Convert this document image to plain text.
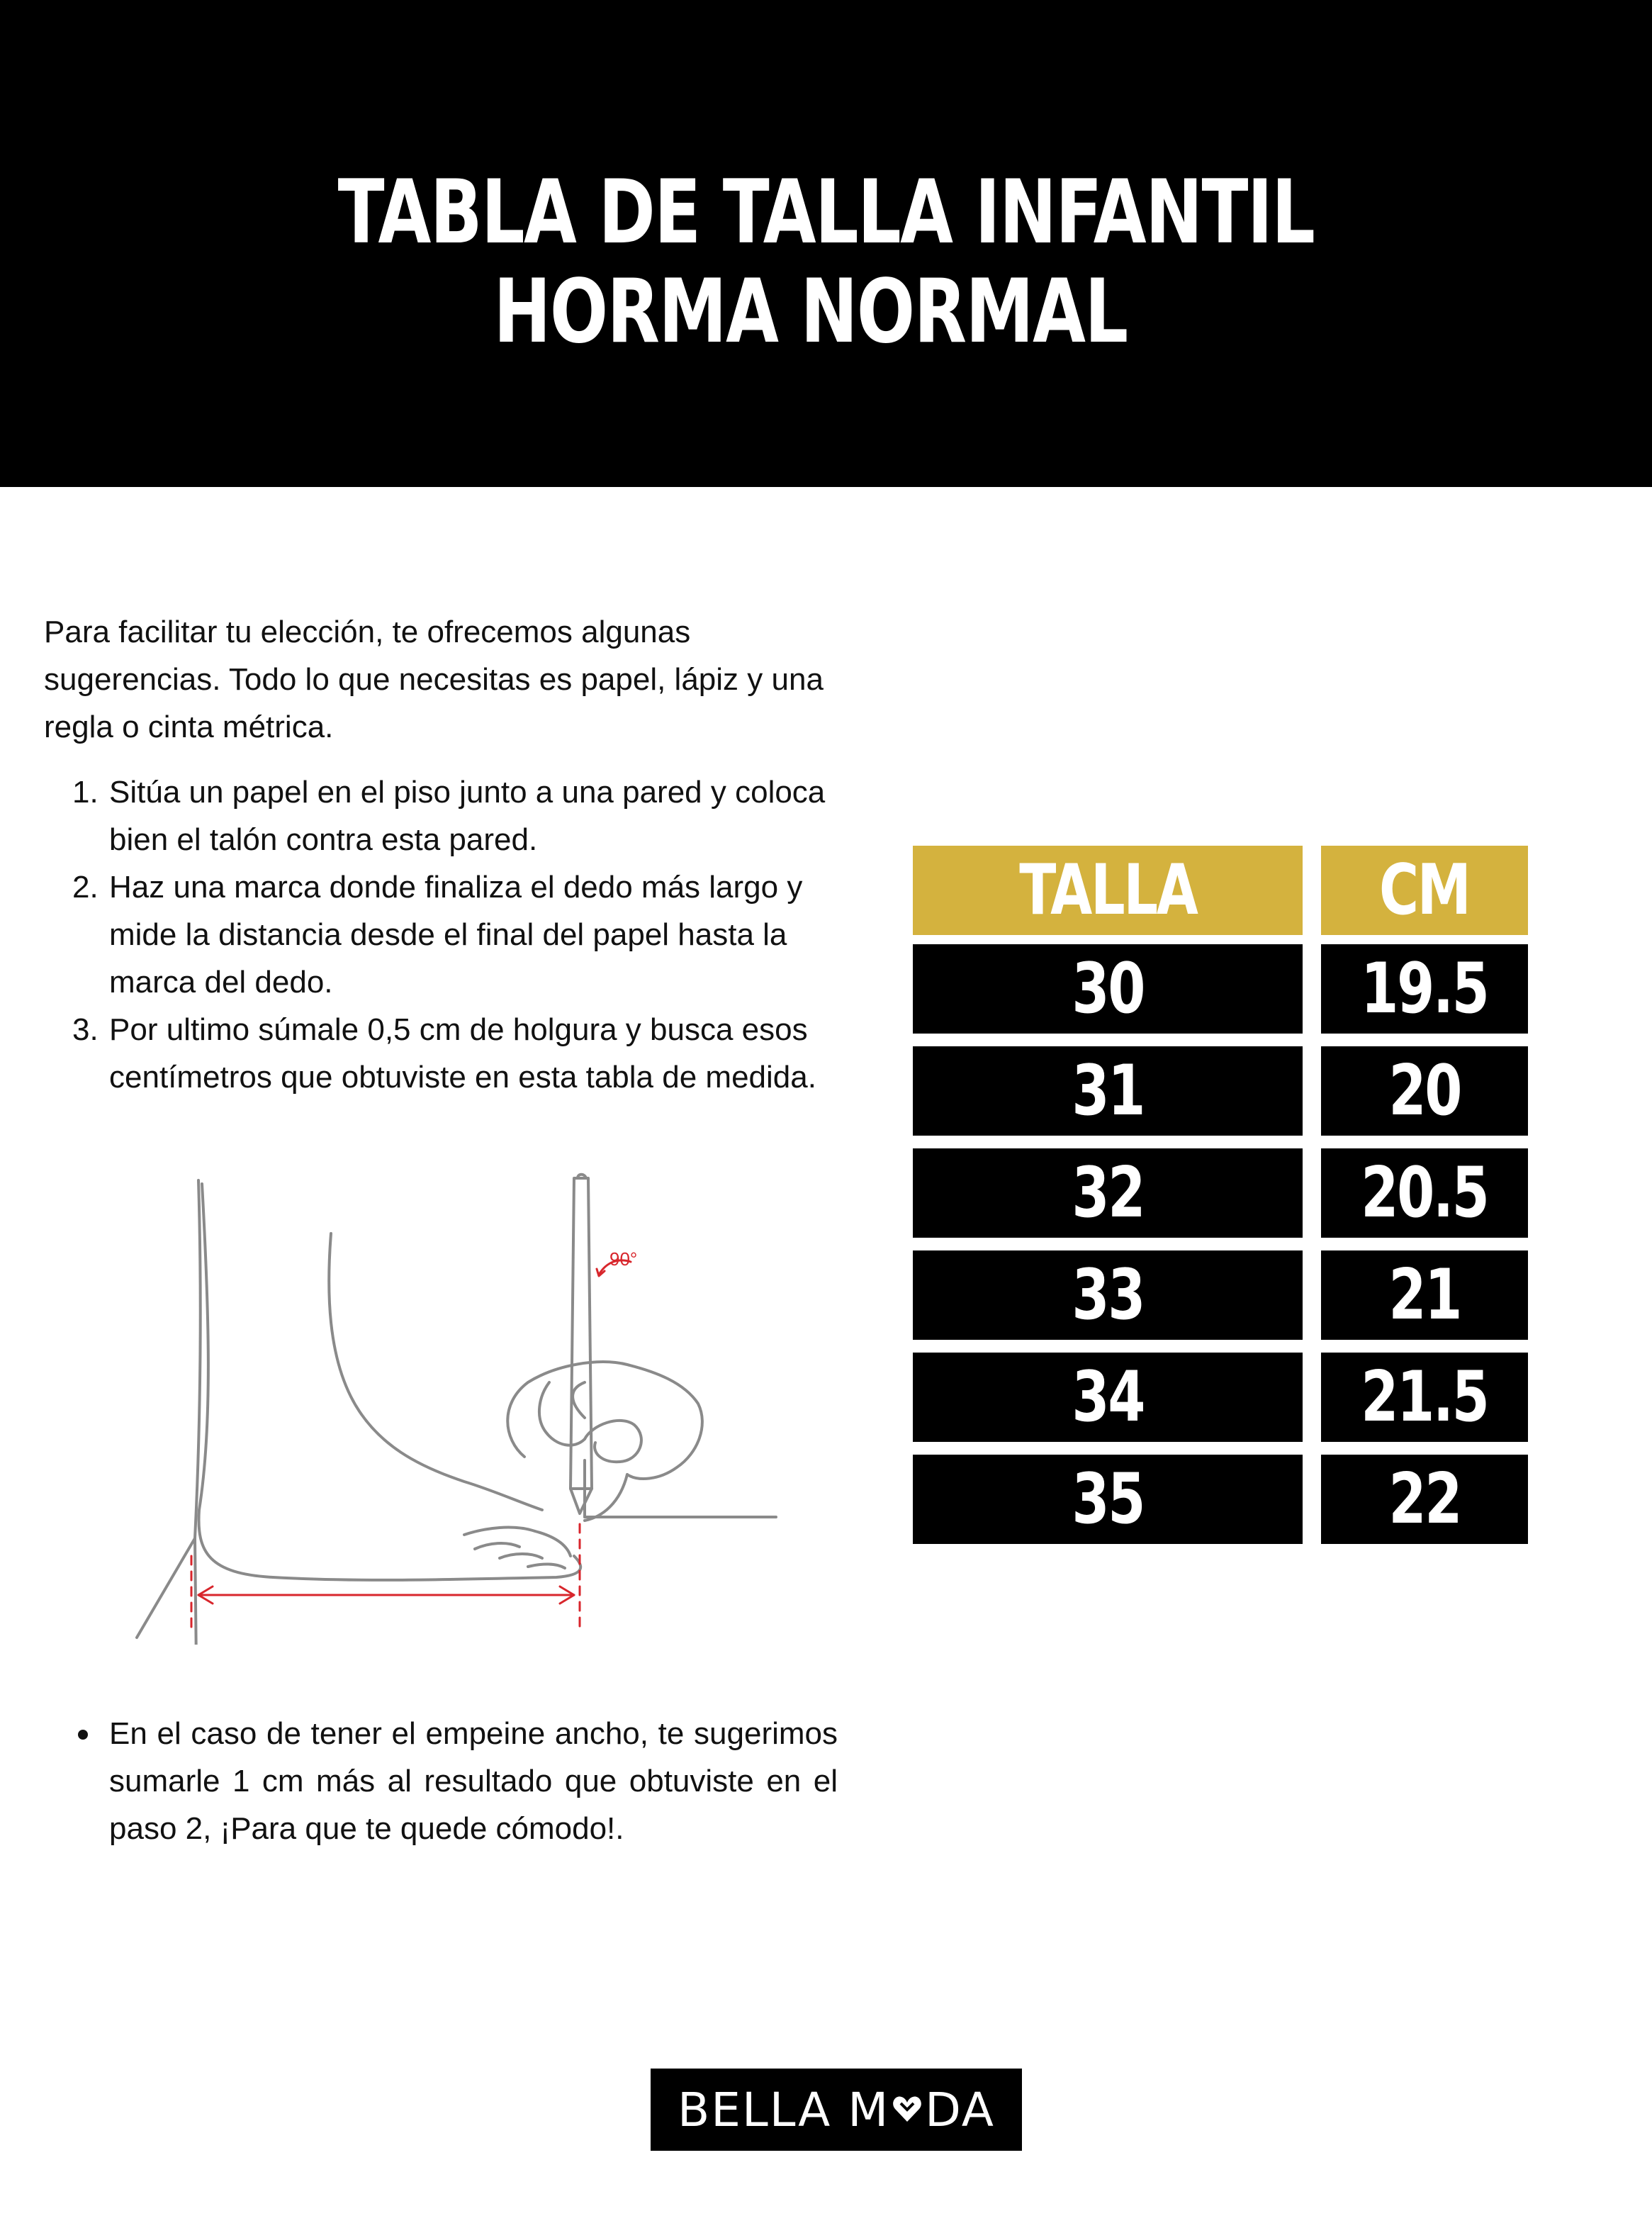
TABLA DE TALLA INFANTIL
HORMA NORMAL

Para facilitar tu elección, te ofrecemos algunas sugerencias. Todo lo que necesitas es papel, lápiz y una regla o cinta métrica.

1. Sitúa un papel en el piso junto a una pared y coloca bien el talón contra esta pared.
2. Haz una marca donde finaliza el dedo más largo y mide la distancia desde el final del papel hasta la marca del dedo.
3. Por ultimo súmale 0,5 cm de holgura y busca esos centímetros que obtuviste en esta tabla de medida.
90°
En el caso de tener el empeine ancho, te sugerimos sumarle 1 cm más al resultado que obtuviste en el paso 2, ¡Para que te quede cómodo!.
TALLA	CM
30	19.5
31	20
32	20.5
33	21
34	21.5
35	22
BELLA M DA
